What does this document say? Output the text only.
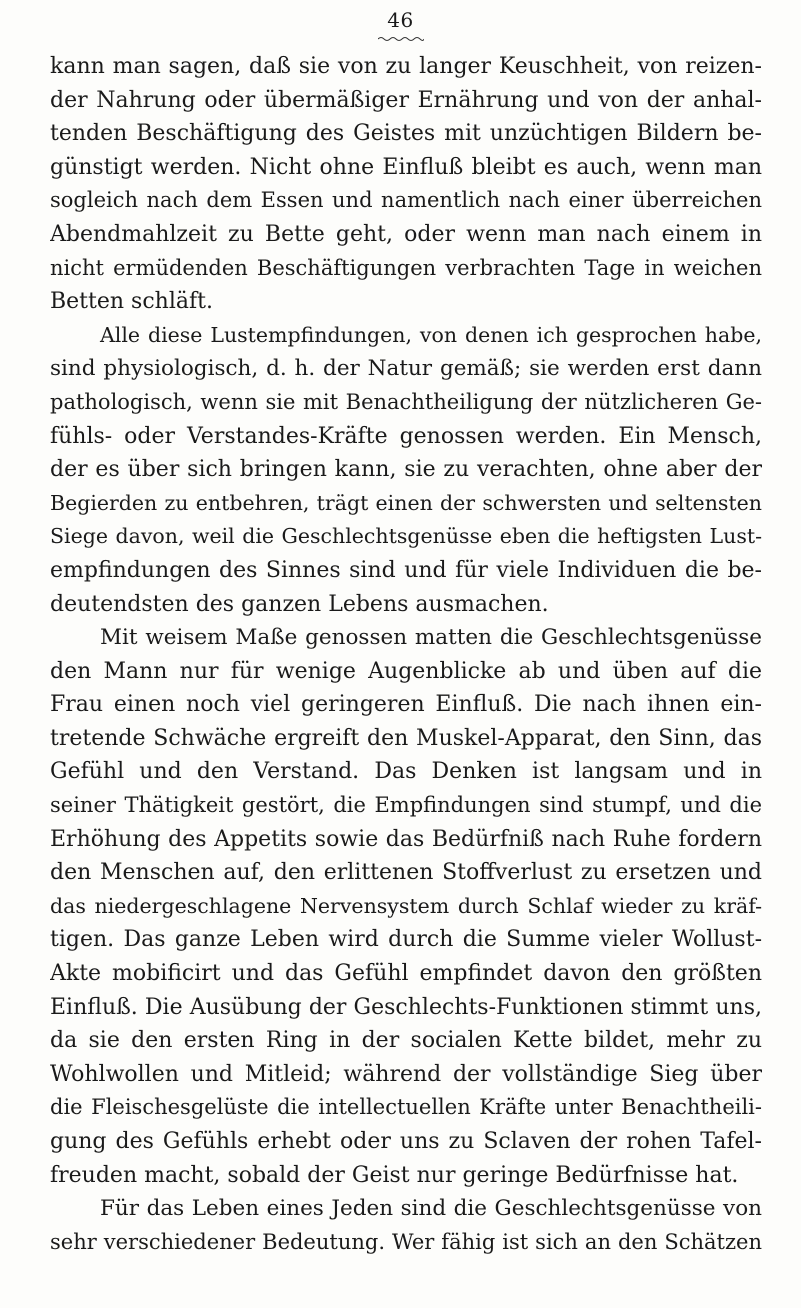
46
kann man sagen, daß sie von zu langer Keuschheit, von reizen-
der Nahrung oder übermäßiger Ernährung und von der anhal-
tenden Beschäftigung des Geistes mit unzüchtigen Bildern be-
günstigt werden. Nicht ohne Einfluß bleibt es auch, wenn man
sogleich nach dem Essen und namentlich nach einer überreichen
Abendmahlzeit zu Bette geht, oder wenn man nach einem in
nicht ermüdenden Beschäftigungen verbrachten Tage in weichen
Betten schläft.
Alle diese Lustempfindungen, von denen ich gesprochen habe,
sind physiologisch, d. h. der Natur gemäß; sie werden erst dann
pathologisch, wenn sie mit Benachtheiligung der nützlicheren Ge-
fühls- oder Verstandes-Kräfte genossen werden. Ein Mensch,
der es über sich bringen kann, sie zu verachten, ohne aber der
Begierden zu entbehren, trägt einen der schwersten und seltensten
Siege davon, weil die Geschlechtsgenüsse eben die heftigsten Lust-
empfindungen des Sinnes sind und für viele Individuen die be-
deutendsten des ganzen Lebens ausmachen.
Mit weisem Maße genossen matten die Geschlechtsgenüsse
den Mann nur für wenige Augenblicke ab und üben auf die
Frau einen noch viel geringeren Einfluß. Die nach ihnen ein-
tretende Schwäche ergreift den Muskel-Apparat, den Sinn, das
Gefühl und den Verstand. Das Denken ist langsam und in
seiner Thätigkeit gestört, die Empfindungen sind stumpf, und die
Erhöhung des Appetits sowie das Bedürfniß nach Ruhe fordern
den Menschen auf, den erlittenen Stoffverlust zu ersetzen und
das niedergeschlagene Nervensystem durch Schlaf wieder zu kräf-
tigen. Das ganze Leben wird durch die Summe vieler Wollust-
Akte mobificirt und das Gefühl empfindet davon den größten
Einfluß. Die Ausübung der Geschlechts-Funktionen stimmt uns,
da sie den ersten Ring in der socialen Kette bildet, mehr zu
Wohlwollen und Mitleid; während der vollständige Sieg über
die Fleischesgelüste die intellectuellen Kräfte unter Benachtheili-
gung des Gefühls erhebt oder uns zu Sclaven der rohen Tafel-
freuden macht, sobald der Geist nur geringe Bedürfnisse hat.
Für das Leben eines Jeden sind die Geschlechtsgenüsse von
sehr verschiedener Bedeutung. Wer fähig ist sich an den Schätzen
